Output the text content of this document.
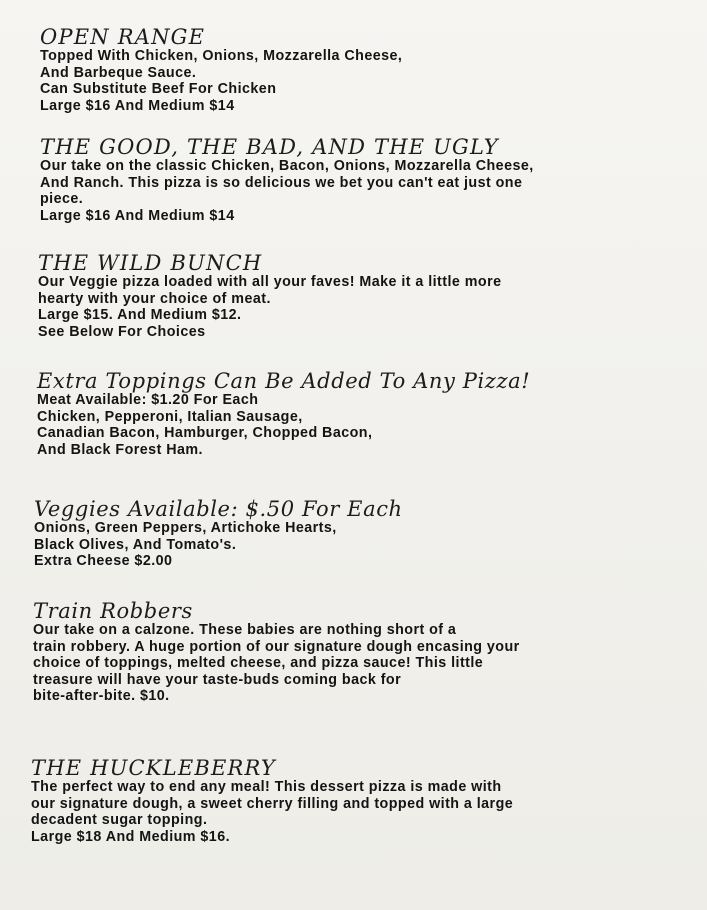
OPEN RANGE
Topped With Chicken, Onions, Mozzarella Cheese,
And Barbeque Sauce.
Can Substitute Beef For Chicken
Large $16 And Medium $14
THE GOOD, THE BAD, AND THE UGLY
Our take on the classic Chicken, Bacon, Onions, Mozzarella Cheese,
And Ranch. This pizza is so delicious we bet you can't eat just one
piece.
Large $16 And Medium $14
THE WILD BUNCH
Our Veggie pizza loaded with all your faves! Make it a little more
hearty with your choice of meat.
Large $15. And Medium $12.
See Below For Choices
Extra Toppings Can Be Added To Any Pizza!
Meat Available: $1.20 For Each
Chicken, Pepperoni, Italian Sausage,
Canadian Bacon, Hamburger, Chopped Bacon,
And Black Forest Ham.
Veggies Available: $.50 For Each
Onions, Green Peppers, Artichoke Hearts,
Black Olives, And Tomato's.
Extra Cheese $2.00
Train Robbers
Our take on a calzone. These babies are nothing short of a
train robbery. A huge portion of our signature dough encasing your
choice of toppings, melted cheese, and pizza sauce! This little
treasure will have your taste-buds coming back for
bite-after-bite. $10.
THE HUCKLEBERRY
The perfect way to end any meal! This dessert pizza is made with
our signature dough, a sweet cherry filling and topped with a large
decadent sugar topping.
Large $18 And Medium $16.
